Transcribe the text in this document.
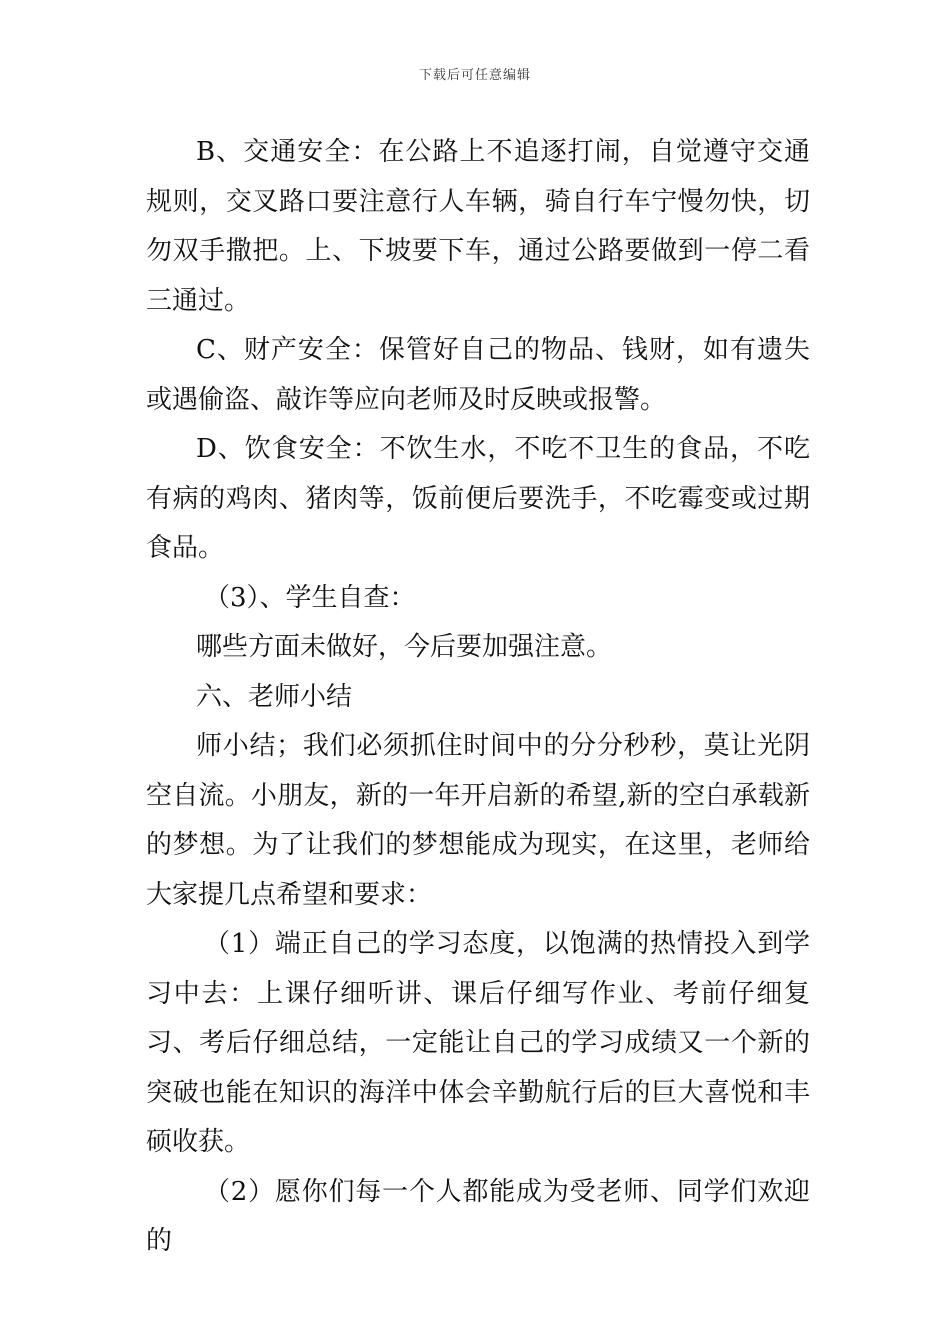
下载后可任意编辑

B、交通安全：在公路上不追逐打闹，自觉遵守交通规则，交叉路口要注意行人车辆，骑自行车宁慢勿快，切勿双手撒把。上、下坡要下车，通过公路要做到一停二看三通过。

C、财产安全：保管好自己的物品、钱财，如有遗失或遇偷盗、敲诈等应向老师及时反映或报警。

D、饮食安全：不饮生水，不吃不卫生的食品，不吃有病的鸡肉、猪肉等，饭前便后要洗手，不吃霉变或过期食品。

（3）、学生自查：

哪些方面未做好，今后要加强注意。

六、老师小结

师小结；我们必须抓住时间中的分分秒秒，莫让光阴空自流。小朋友，新的一年开启新的希望,新的空白承载新的梦想。为了让我们的梦想能成为现实，在这里，老师给大家提几点希望和要求：

（1）端正自己的学习态度，以饱满的热情投入到学习中去：上课仔细听讲、课后仔细写作业、考前仔细复习、考后仔细总结，一定能让自己的学习成绩又一个新的突破也能在知识的海洋中体会辛勤航行后的巨大喜悦和丰硕收获。

（2）愿你们每一个人都能成为受老师、同学们欢迎的
